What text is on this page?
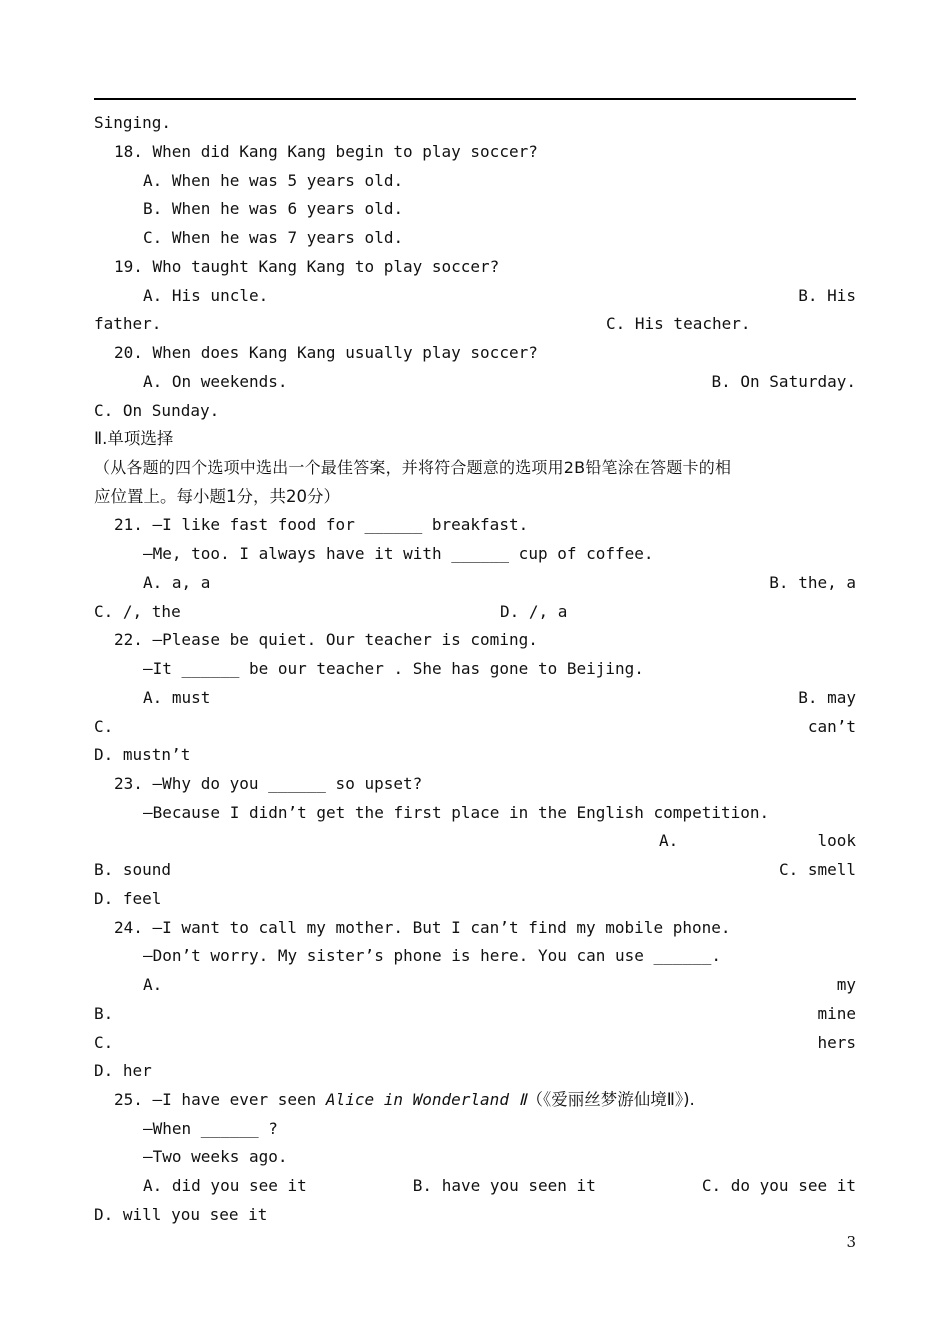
Singing.
18. When did Kang Kang begin to play soccer?
A. When he was 5 years old.
B. When he was 6 years old.
C. When he was 7 years old.
19. Who taught Kang Kang to play soccer?
A. His uncle.	B. His
father.	C. His teacher.
20. When does Kang Kang usually play soccer?
A. On weekends.	B. On Saturday.
C. On Sunday.
Ⅱ.单项选择
（从各题的四个选项中选出一个最佳答案，并将符合题意的选项用2B铅笔涂在答题卡的相
应位置上。每小题1分，共20分）
21. —I like fast food for ______ breakfast.
—Me, too. I always have it with ______ cup of coffee.
A. a, a	B. the, a
C. /, the	D. /, a
22. —Please be quiet. Our teacher is coming.
—It ______ be our teacher . She has gone to Beijing.
A. must	B. may
C.	can’t
D. mustn’t
23. —Why do you ______ so upset?
—Because I didn’t get the first place in the English competition.
A.	look
B. sound	C. smell
D. feel
24. —I want to call my mother. But I can’t find my mobile phone.
—Don’t worry. My sister’s phone is here. You can use ______.
A.	my
B.	mine
C.	hers
D. her
25. —I have ever seen Alice in Wonderland Ⅱ（《爱丽丝梦游仙境Ⅱ》).
—When ______ ?
—Two weeks ago.
A. did you see it	B. have you seen it	C. do you see it
D. will you see it
3
